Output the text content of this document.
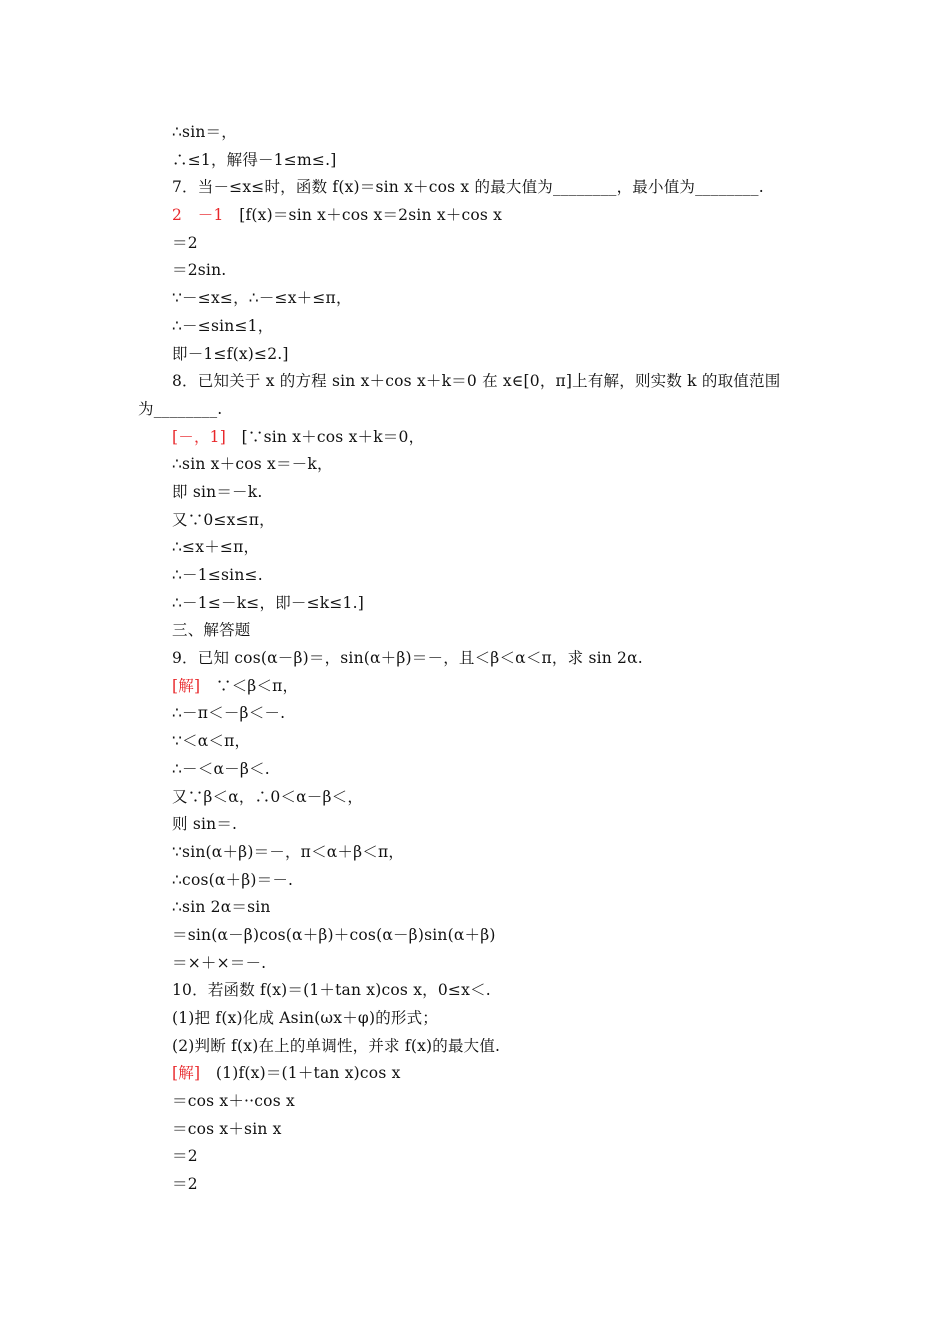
∴sin＝，
∴≤1，解得－1≤m≤.]
7．当－≤x≤时，函数 f(x)＝sin x＋cos x 的最大值为________，最小值为________.
2　－1　[f(x)＝sin x＋cos x＝2sin x＋cos x
＝2
＝2sin.
∵－≤x≤，∴－≤x＋≤π，
∴－≤sin≤1，
即－1≤f(x)≤2.]
8．已知关于 x 的方程 sin x＋cos x＋k＝0 在 x∈[0，π]上有解，则实数 k 的取值范围
为________.
[－，1]　[∵sin x＋cos x＋k＝0，
∴sin x＋cos x＝－k，
即 sin＝－k.
又∵0≤x≤π，
∴≤x＋≤π，
∴－1≤sin≤.
∴－1≤－k≤，即－≤k≤1.]
三、解答题
9．已知 cos(α－β)＝，sin(α＋β)＝－，且＜β＜α＜π，求 sin 2α.
[解]　∵＜β＜π，
∴－π＜－β＜－.
∵＜α＜π，
∴－＜α－β＜.
又∵β＜α，∴0＜α－β＜，
则 sin＝.
∵sin(α＋β)＝－，π＜α＋β＜π，
∴cos(α＋β)＝－.
∴sin 2α＝sin
＝sin(α－β)cos(α＋β)＋cos(α－β)sin(α＋β)
＝×＋×＝－.
10．若函数 f(x)＝(1＋tan x)cos x，0≤x＜.
(1)把 f(x)化成 Asin(ωx＋φ)的形式；
(2)判断 f(x)在上的单调性，并求 f(x)的最大值.
[解]　(1)f(x)＝(1＋tan x)cos x
＝cos x＋··cos x
＝cos x＋sin x
＝2
＝2
